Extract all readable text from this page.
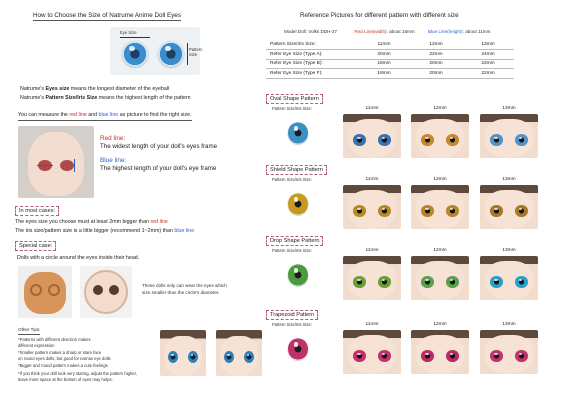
How to Choose the Size of Natrume Anime Doll Eyes
Eye Size
Pattern
Size
Natrume's Eyes size means the longest diameter of the eyeball
Natrume's Pattern Size/Iris Size means the highest length of the pattern
You can measure the red line and blue line as picture to find the right size.
Red line:
The widest length of your doll's eyes frame
Blue line:
The highest length of your doll's eye frame
In most cases:
The eyes size you choose must at least 2mm bigger than red line
The iris size/pattern size is a little bigger (recommend 1~2mm) than blue line
Special case:
Dolls with a circle around the eyes inside their head.
These dolls only can wear the eyes which
size smaller than the circle's diameter.
Other Tips:
*Patterns with different direction makes
different expression
*Smaller pattern makes a sharp or stare face
on round eyes dolls, but good for narrow eye dolls
*Bigger and round pattern makes a cute feelings.
*If you think your doll look very staring, adjust the pattern higher,
leave more space at the bottom of eyes may helps.
Reference Pictures for different pattern with different size
Model Doll: Volks DDH-27	Red Line(width): about 15mm	Blue Line(height): about 11mm
Pattern Size/Iris Size:	11mm	12mm	13mm
Refer Eye Size (Type A):	20mm	22mm	24mm
Refer Eye Size (Type B):	18mm	20mm	22mm
Refer Eye Size (Type F):	18mm	20mm	22mm
Oval Shape Pattern
Pattern Size/Iris Size:	11mm	12mm	13mm
Shield Shape Pattern
Pattern Size/Iris Size:	11mm	12mm	13mm
Drop Shape Pattern
Pattern Size/Iris Size:	11mm	12mm	13mm
Trapezoid Pattern
Pattern Size/Iris Size:	11mm	12mm	13mm
